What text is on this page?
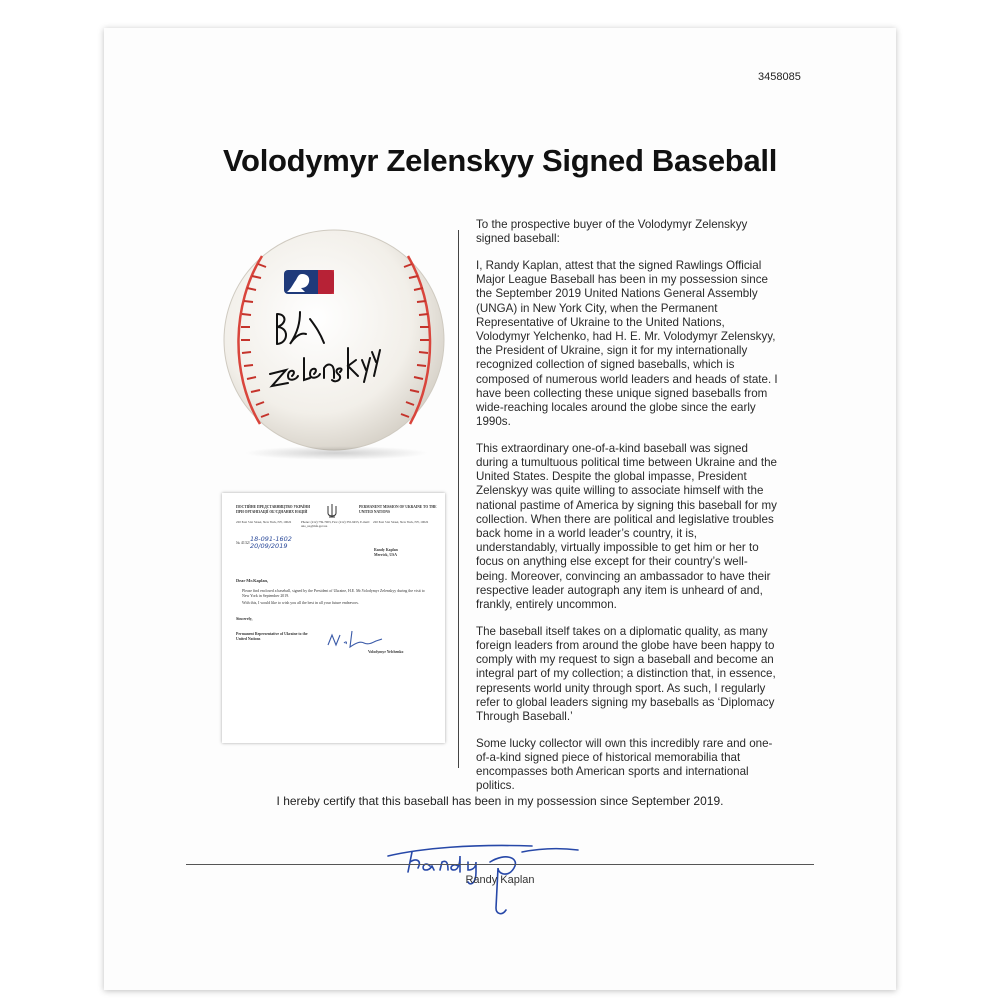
3458085
Volodymyr Zelenskyy Signed Baseball
ПОСТІЙНЕ ПРЕДСТАВНИЦТВО УКРАЇНИ ПРИ ОРГАНІЗАЦІЇ ОБ'ЄДНАНИХ НАЦІЙ
PERMANENT MISSION OF UKRAINE TO THE UNITED NATIONS
220 East 51st Street, New York, NY, 10022	Phone: (212) 759-7003, Fax: (212) 355-9455, E-mail: uno_us@mfa.gov.ua
220 East 51st Street, New York, NY, 10022
№ 4132/ 18-091-1602
20/09/2019	Randy Kaplan
Merrick, USA
Dear Mr.Kaplan,
Please find enclosed a baseball, signed by the President of Ukraine, H.E. Mr.Volodymyr Zelenskyy during the visit to New York in September 2019.
With this, I would like to wish you all the best in all your future endeavors.
Sincerely,
Permanent Representative of Ukraine to the United Nations
Volodymyr Yelchenko

To the prospective buyer of the Volodymyr Zelenskyy signed baseball:

I, Randy Kaplan, attest that the signed Rawlings Official Major League Baseball has been in my possession since the September 2019 United Nations General Assembly (UNGA) in New York City, when the Permanent Representative of Ukraine to the United Nations, Volodymyr Yelchenko, had H. E. Mr. Volodymyr Zelenskyy, the President of Ukraine, sign it for my internationally recognized collection of signed baseballs, which is composed of numerous world leaders and heads of state. I have been collecting these unique signed baseballs from wide-reaching locales around the globe since the early 1990s.

This extraordinary one-of-a-kind baseball was signed during a tumultuous political time between Ukraine and the United States. Despite the global impasse, President Zelenskyy was quite willing to associate himself with the national pastime of America by signing this baseball for my collection. When there are political and legislative troubles back home in a world leader’s country, it is, understandably, virtually impossible to get him or her to focus on anything else except for their country’s well-being. Moreover, convincing an ambassador to have their respective leader autograph any item is unheard of and, frankly, entirely uncommon.

The baseball itself takes on a diplomatic quality, as many foreign leaders from around the globe have been happy to comply with my request to sign a baseball and become an integral part of my collection; a distinction that, in essence, represents world unity through sport. As such, I regularly refer to global leaders signing my baseballs as ‘Diplomacy Through Baseball.’

Some lucky collector will own this incredibly rare and one-of-a-kind signed piece of historical memorabilia that encompasses both American sports and international politics.

I hereby certify that this baseball has been in my possession since September 2019.
Randy Kaplan
